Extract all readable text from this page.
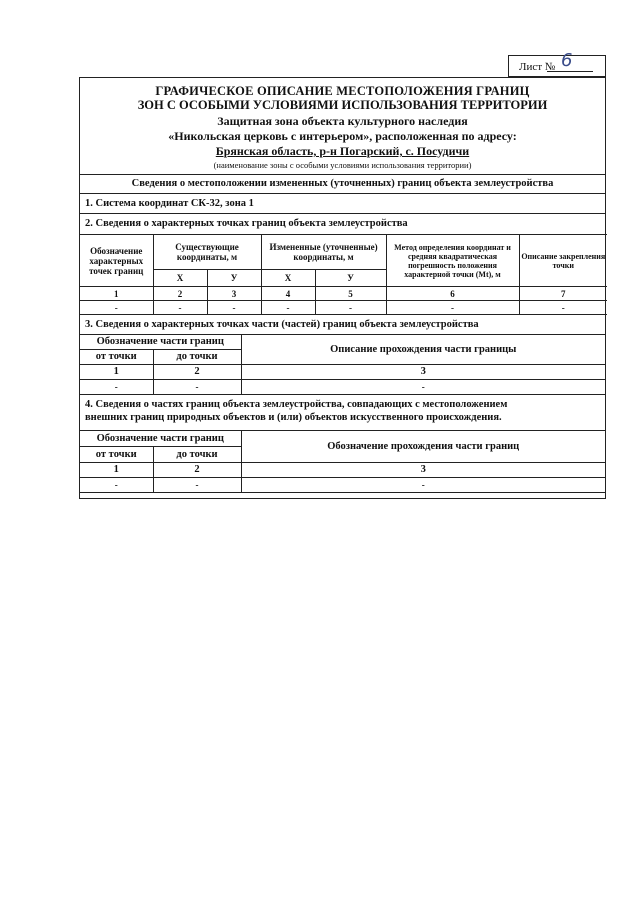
Лист № 6
ГРАФИЧЕСКОЕ ОПИСАНИЕ МЕСТОПОЛОЖЕНИЯ ГРАНИЦ
ЗОН С ОСОБЫМИ УСЛОВИЯМИ ИСПОЛЬЗОВАНИЯ ТЕРРИТОРИИ
Защитная зона объекта культурного наследия
«Никольская церковь с интерьером», расположенная по адресу:
Брянская область, р-н Погарский, с. Посудичи
(наименование зоны с особыми условиями использования территории)
Сведения о местоположении измененных (уточненных) границ объекта землеустройства
1. Система координат СК-32, зона 1
2. Сведения о характерных точках границ объекта землеустройства
Обозначение характерных точек границ	Существующие координаты, м		Измененные (уточненные) координаты, м		Метод определения координат и средняя квадратическая погрешность положения характерной точки (Мt), м	Описание закрепления точки
	Х	У	Х	У		
1	2	3	4	5	6	7
-	-	-	-	-	-	-
3. Сведения о характерных точках части (частей) границ объекта землеустройства
Обозначение части границ		Описание прохождения части границы
от точки	до точки	
1	2	3
-	-	-
4. Сведения о частях границ объекта землеустройства, совпадающих с местоположением
внешних границ природных объектов и (или) объектов искусственного происхождения.
Обозначение части границ		Обозначение прохождения части границ
от точки	до точки	
1	2	3
-	-	-
